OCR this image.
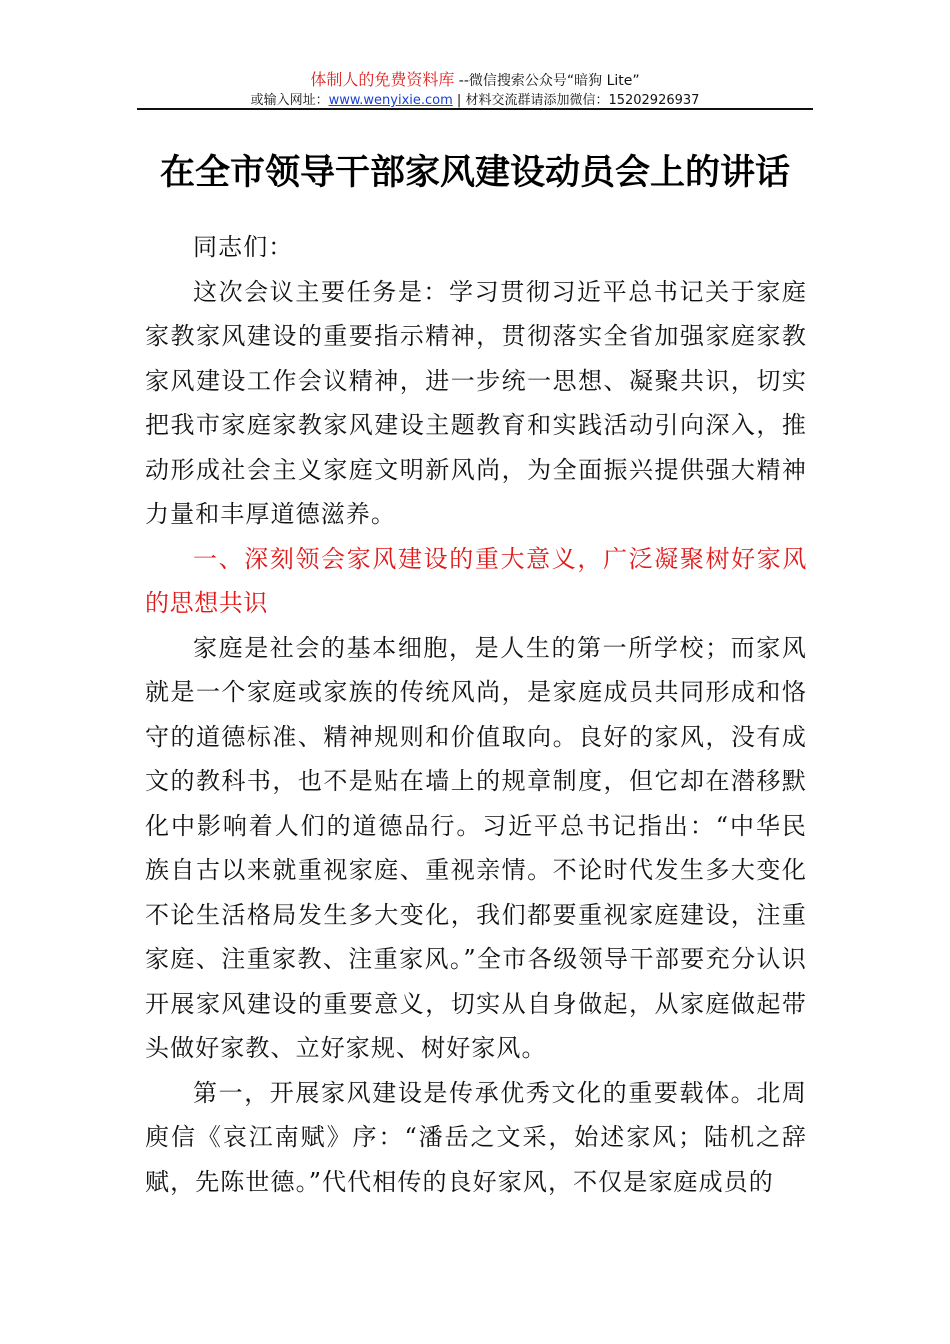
体制人的免费资料库 --微信搜索公众号“暗狗 Lite”
或输入网址：www.wenyixie.com | 材料交流群请添加微信：15202926937
在全市领导干部家风建设动员会上的讲话

同志们：

这次会议主要任务是：学习贯彻习近平总书记关于家庭家教家风建设的重要指示精神，贯彻落实全省加强家庭家教家风建设工作会议精神，进一步统一思想、凝聚共识，切实把我市家庭家教家风建设主题教育和实践活动引向深入，推动形成社会主义家庭文明新风尚，为全面振兴提供强大精神力量和丰厚道德滋养。

一、深刻领会家风建设的重大意义，广泛凝聚树好家风的思想共识

家庭是社会的基本细胞，是人生的第一所学校；而家风就是一个家庭或家族的传统风尚，是家庭成员共同形成和恪守的道德标准、精神规则和价值取向。良好的家风，没有成文的教科书，也不是贴在墙上的规章制度，但它却在潜移默化中影响着人们的道德品行。习近平总书记指出：“中华民族自古以来就重视家庭、重视亲情。不论时代发生多大变化不论生活格局发生多大变化，我们都要重视家庭建设，注重家庭、注重家教、注重家风。”全市各级领导干部要充分认识开展家风建设的重要意义，切实从自身做起，从家庭做起带头做好家教、立好家规、树好家风。

第一，开展家风建设是传承优秀文化的重要载体。北周庾信《哀江南赋》序：“潘岳之文采，始述家风；陆机之辞赋，先陈世德。”代代相传的良好家风，不仅是家庭成员的
